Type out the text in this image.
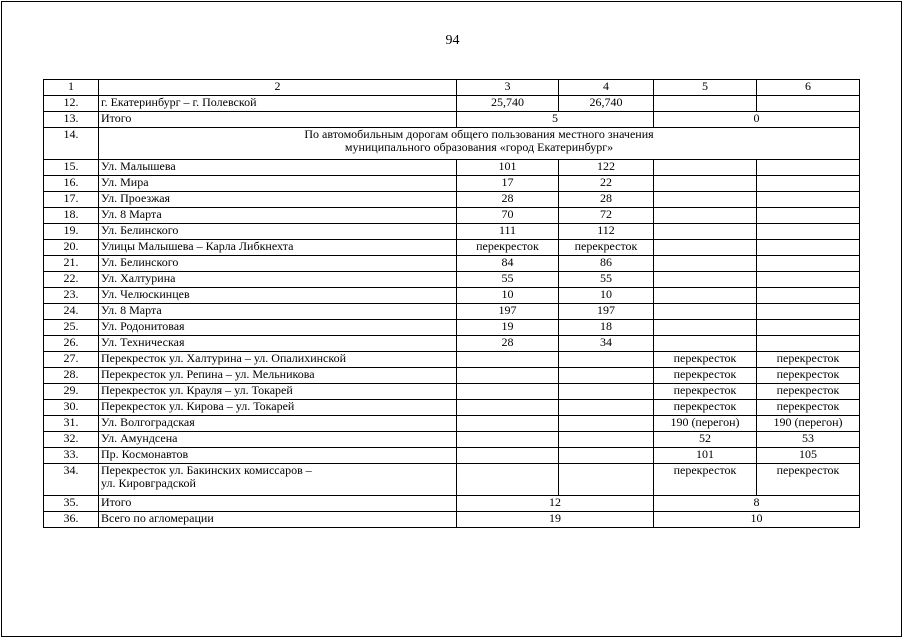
94
1	2	3	4	5	6
12.	г. Екатеринбург – г. Полевской	25,740	26,740		
13.	Итого	5		0	
14.	По автомобильным дорогам общего пользования местного значения
муниципального образования «город Екатеринбург»				

15.	Ул. Малышева	101	122		
16.	Ул. Мира	17	22		
17.	Ул. Проезжая	28	28		
18.	Ул. 8 Марта	70	72		
19.	Ул. Белинского	111	112		
20.	Улицы Малышева – Карла Либкнехта	перекресток	перекресток		
21.	Ул. Белинского	84	86		
22.	Ул. Халтурина	55	55		
23.	Ул. Челюскинцев	10	10		
24.	Ул. 8 Марта	197	197		
25.	Ул. Родонитовая	19	18		
26.	Ул. Техническая	28	34		
27.	Перекресток ул. Халтурина – ул. Опалихинской			перекресток	перекресток
28.	Перекресток ул. Репина – ул. Мельникова			перекресток	перекресток
29.	Перекресток ул. Крауля – ул. Токарей			перекресток	перекресток
30.	Перекресток ул. Кирова – ул. Токарей			перекресток	перекресток
31.	Ул. Волгоградская			190 (перегон)	190 (перегон)
32.	Ул. Амундсена			52	53
33.	Пр. Космонавтов			101	105
34.	Перекресток ул. Бакинских комиссаров –
ул. Кировградской			перекресток	перекресток
35.	Итого	12		8	
36.	Всего по агломерации	19		10	
